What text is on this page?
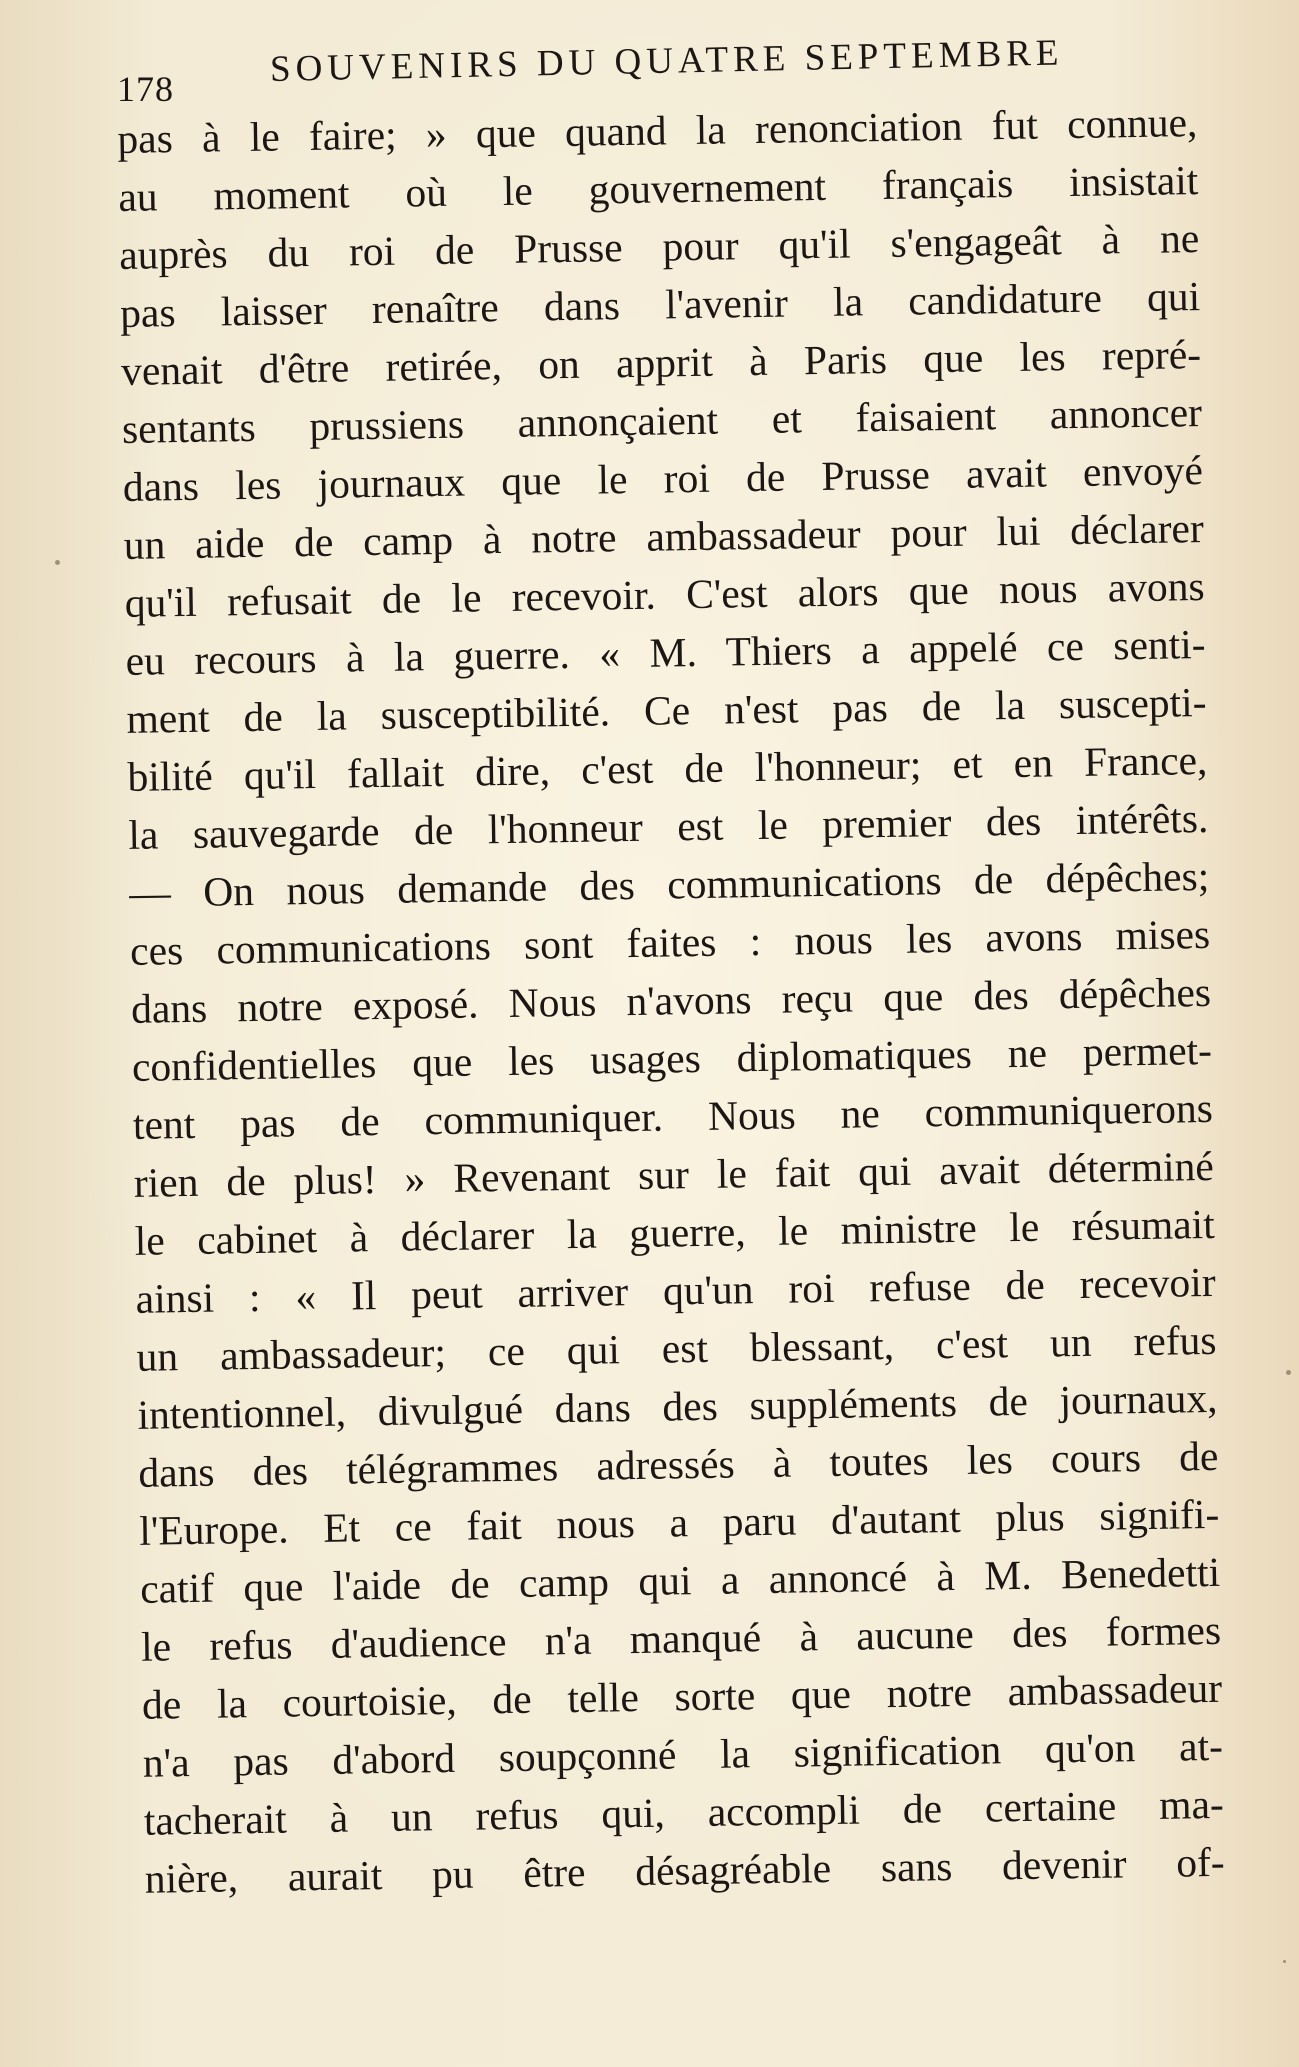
178	SOUVENIRS DU QUATRE SEPTEMBRE
pas à le faire; » que quand la renonciation fut connue,
au moment où le gouvernement français insistait
auprès du roi de Prusse pour qu'il s'engageât à ne
pas laisser renaître dans l'avenir la candidature qui
venait d'être retirée, on apprit à Paris que les repré-
sentants prussiens annonçaient et faisaient annoncer
dans les journaux que le roi de Prusse avait envoyé
un aide de camp à notre ambassadeur pour lui déclarer
qu'il refusait de le recevoir. C'est alors que nous avons
eu recours à la guerre. « M. Thiers a appelé ce senti-
ment de la susceptibilité. Ce n'est pas de la suscepti-
bilité qu'il fallait dire, c'est de l'honneur; et en France,
la sauvegarde de l'honneur est le premier des intérêts.
— On nous demande des communications de dépêches;
ces communications sont faites : nous les avons mises
dans notre exposé. Nous n'avons reçu que des dépêches
confidentielles que les usages diplomatiques ne permet-
tent pas de communiquer. Nous ne communiquerons
rien de plus! » Revenant sur le fait qui avait déterminé
le cabinet à déclarer la guerre, le ministre le résumait
ainsi : « Il peut arriver qu'un roi refuse de recevoir
un ambassadeur; ce qui est blessant, c'est un refus
intentionnel, divulgué dans des suppléments de journaux,
dans des télégrammes adressés à toutes les cours de
l'Europe. Et ce fait nous a paru d'autant plus signifi-
catif que l'aide de camp qui a annoncé à M. Benedetti
le refus d'audience n'a manqué à aucune des formes
de la courtoisie, de telle sorte que notre ambassadeur
n'a pas d'abord soupçonné la signification qu'on at-
tacherait à un refus qui, accompli de certaine ma-
nière, aurait pu être désagréable sans devenir of-
